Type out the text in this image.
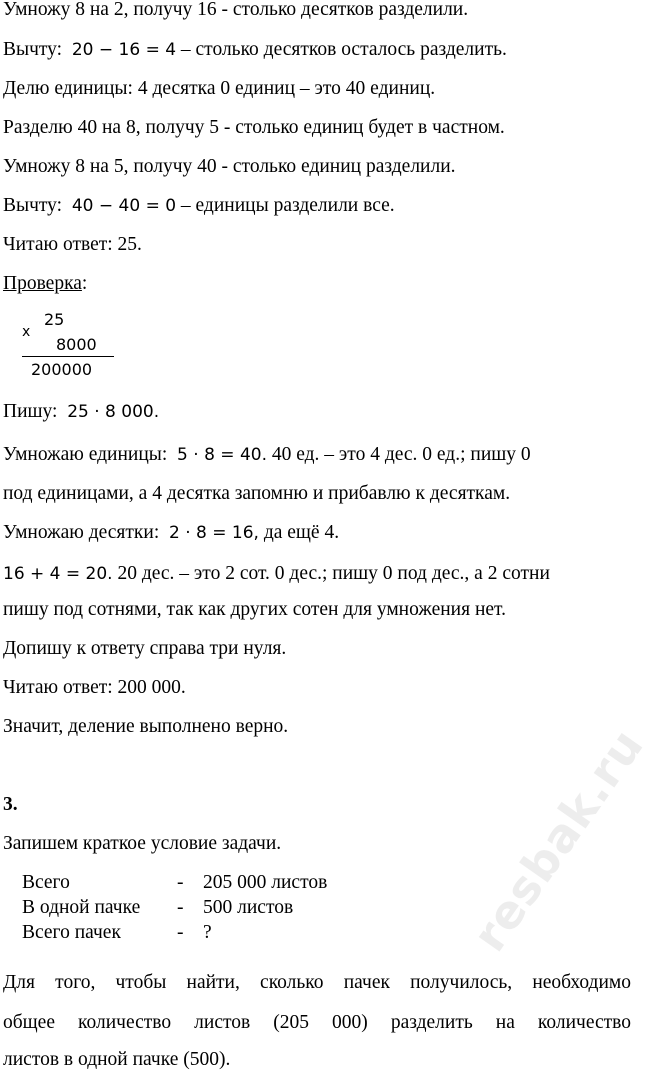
Умножу 8 на 2, получу 16 - столько десятков разделили.
Вычту: 20 − 16 = 4 – столько десятков осталось разделить.
Делю единицы: 4 десятка 0 единиц – это 40 единиц.
Разделю 40 на 8, получу 5 - столько единиц будет в частном.
Умножу 8 на 5, получу 40 - столько единиц разделили.
Вычту: 40 − 40 = 0 – единицы разделили все.
Читаю ответ: 25.
Проверка:
x
25
8000
200000
Пишу: 25 · 8 000.
Умножаю единицы: 5 · 8 = 40. 40 ед. – это 4 дес. 0 ед.; пишу 0
под единицами, а 4 десятка запомню и прибавлю к десяткам.
Умножаю десятки: 2 · 8 = 16, да ещё 4.
16 + 4 = 20. 20 дес. – это 2 сот. 0 дес.; пишу 0 под дес., а 2 сотни
пишу под сотнями, так как других сотен для умножения нет.
Допишу к ответу справа три нуля.
Читаю ответ: 200 000.
Значит, деление выполнено верно.
3.
Запишем краткое условие задачи.
Всего	- 205 000 листов
В одной пачке - 500 листов
Всего пачек	- ?
Для того, чтобы найти, сколько пачек получилось, необходимо
общее количество листов (205 000) разделить на количество
листов в одной пачке (500).
resbak.ru
